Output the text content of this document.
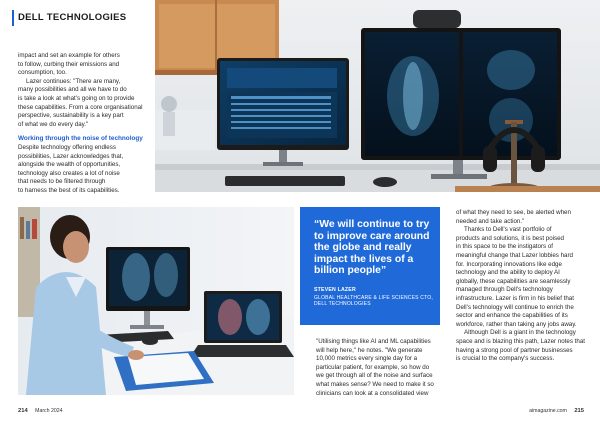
DELL TECHNOLOGIES

impact and set an example for others

to follow, curbing their emissions and

consumption, too.

Lazer continues: "There are many,

many possibilities and all we have to do

is take a look at what's going on to provide

these capabilities. From a core organisational

perspective, sustainability is a key part

of what we do every day."

Working through the noise of technology

Despite technology offering endless

possibilities, Lazer acknowledges that,

alongside the wealth of opportunities,

technology also creates a lot of noise

that needs to be filtered through

to harness the best of its capabilities.

“We will continue to try to improve care around the globe and really impact the lives of a billion people”
STEVEN LAZER
GLOBAL HEALTHCARE & LIFE SCIENCES CTO, DELL TECHNOLOGIES

"Utilising things like AI and ML capabilities

will help here," he notes. "We generate

10,000 metrics every single day for a

particular patient, for example, so how do

we get through all of the noise and surface

what makes sense? We need to make it so

clinicians can look at a consolidated view

of what they need to see, be alerted when

needed and take action."

Thanks to Dell's vast portfolio of

products and solutions, it is best poised

in this space to be the instigators of

meaningful change that Lazer lobbies hard

for. Incorporating innovations like edge

technology and the ability to deploy AI

globally, these capabilities are seamlessly

managed through Dell's technology

infrastructure. Lazer is firm in his belief that

Dell's technology will continue to enrich the

sector and enhance the capabilities of its

workforce, rather than taking any jobs away.

Although Dell is a giant in the technology

space and is blazing this path, Lazer notes that

having a strong pool of partner businesses

is crucial to the company's success.

214 March 2024	aimagazine.com 215
